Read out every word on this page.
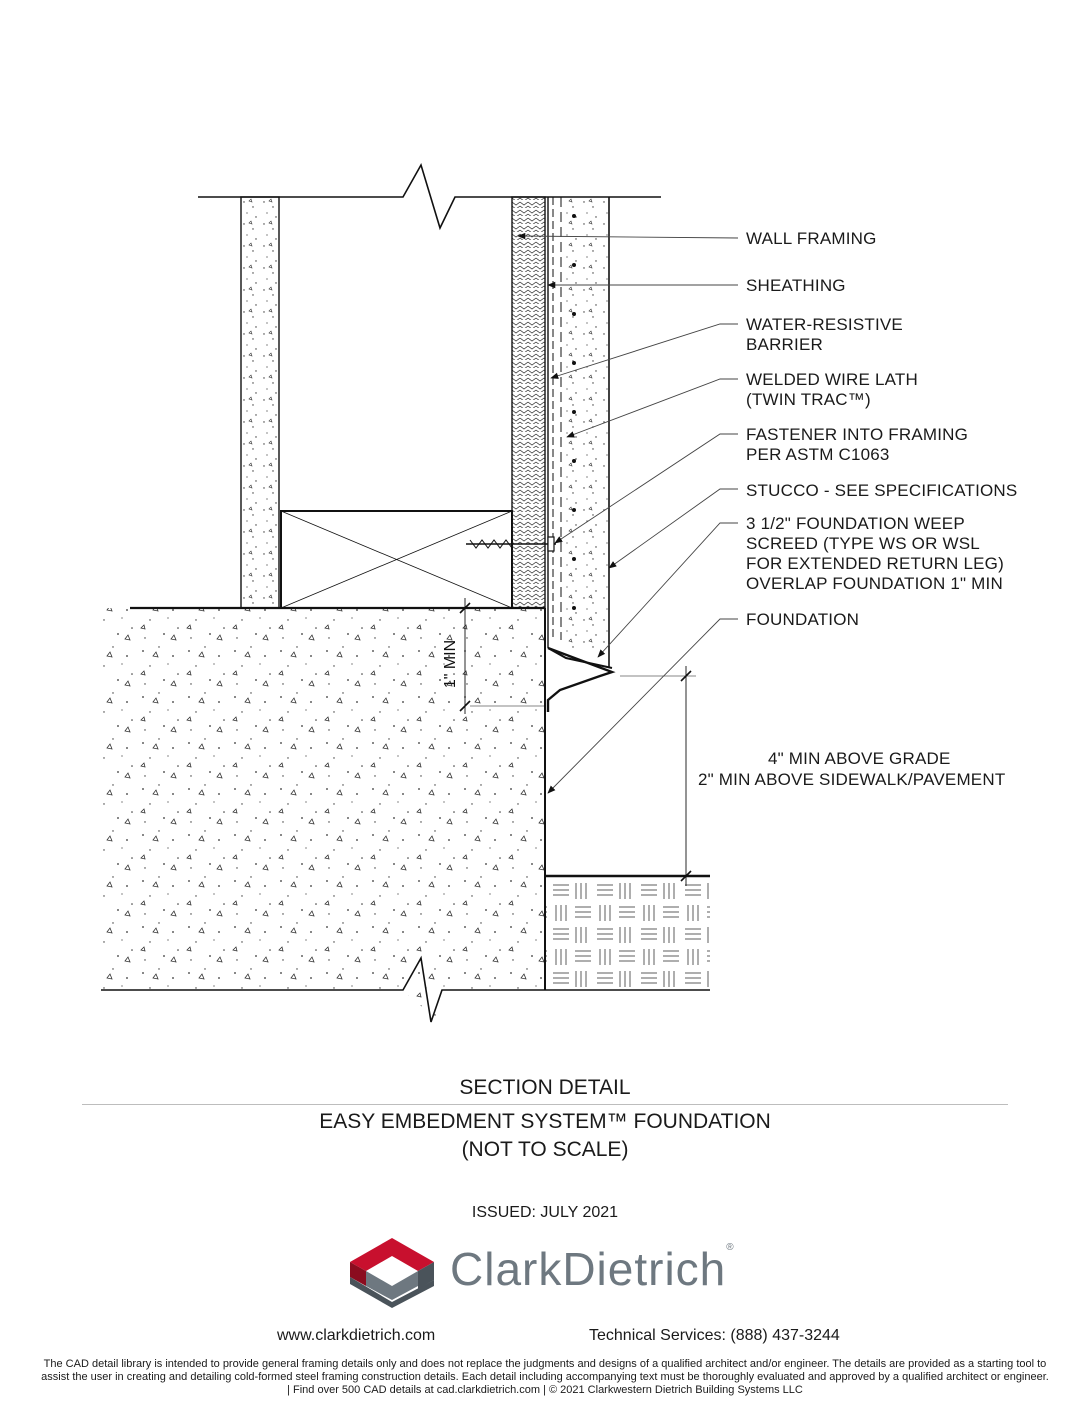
1" MIN
WALL FRAMING
SHEATHING
WATER-RESISTIVE
BARRIER
WELDED WIRE LATH
(TWIN TRAC™)
FASTENER INTO FRAMING
PER ASTM C1063
STUCCO - SEE SPECIFICATIONS
3 1/2" FOUNDATION WEEP
SCREED (TYPE WS OR WSL
FOR EXTENDED RETURN LEG)
OVERLAP FOUNDATION 1" MIN
FOUNDATION
4" MIN ABOVE GRADE
2" MIN ABOVE SIDEWALK/PAVEMENT
SECTION DETAIL
EASY EMBEDMENT SYSTEM™ FOUNDATION
(NOT TO SCALE)
ISSUED: JULY 2021
ClarkDietrich®
www.clarkdietrich.com	Technical Services: (888) 437-3244
The CAD detail library is intended to provide general framing details only and does not replace the judgments and designs of a qualified architect and/or engineer. The details are provided as a starting tool to assist the user in creating and detailing cold-formed steel framing construction details. Each detail including accompanying text must be thoroughly evaluated and approved by a qualified architect or engineer. | Find over 500 CAD details at cad.clarkdietrich.com | © 2021 Clarkwestern Dietrich Building Systems LLC
